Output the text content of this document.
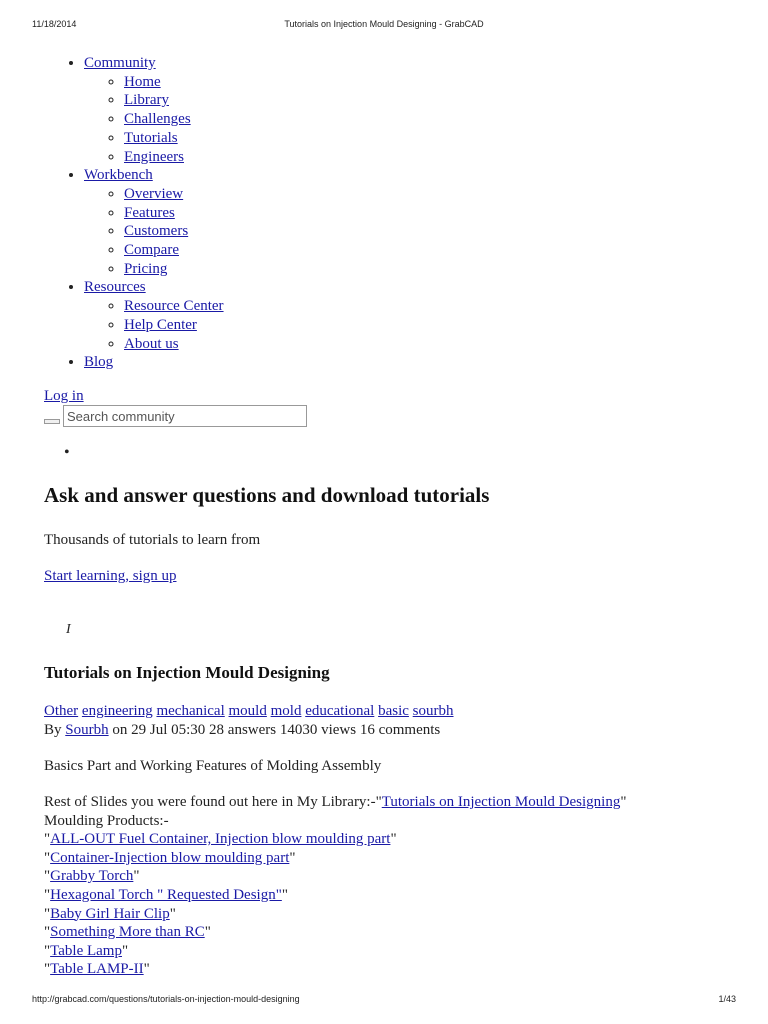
11/18/2014	Tutorials on Injection Mould Designing - GrabCAD
• Community
◦ Home
◦ Library
◦ Challenges
◦ Tutorials
◦ Engineers
• Workbench
◦ Overview
◦ Features
◦ Customers
◦ Compare
◦ Pricing
• Resources
◦ Resource Center
◦ Help Center
◦ About us
• Blog
Log in
Search community
•
Ask and answer questions and download tutorials
Thousands of tutorials to learn from
Start learning, sign up
I
Tutorials on Injection Mould Designing
Other engineering mechanical mould mold educational basic sourbh
By Sourbh on 29 Jul 05:30 28 answers 14030 views 16 comments
Basics Part and Working Features of Molding Assembly
Rest of Slides you were found out here in My Library:-"Tutorials on Injection Mould Designing"
Moulding Products:-
"ALL-OUT Fuel Container, Injection blow moulding part"
"Container-Injection blow moulding part"
"Grabby Torch"
"Hexagonal Torch " Requested Design""
"Baby Girl Hair Clip"
"Something More than RC"
"Table Lamp"
"Table LAMP-II"
http://grabcad.com/questions/tutorials-on-injection-mould-designing	1/43
